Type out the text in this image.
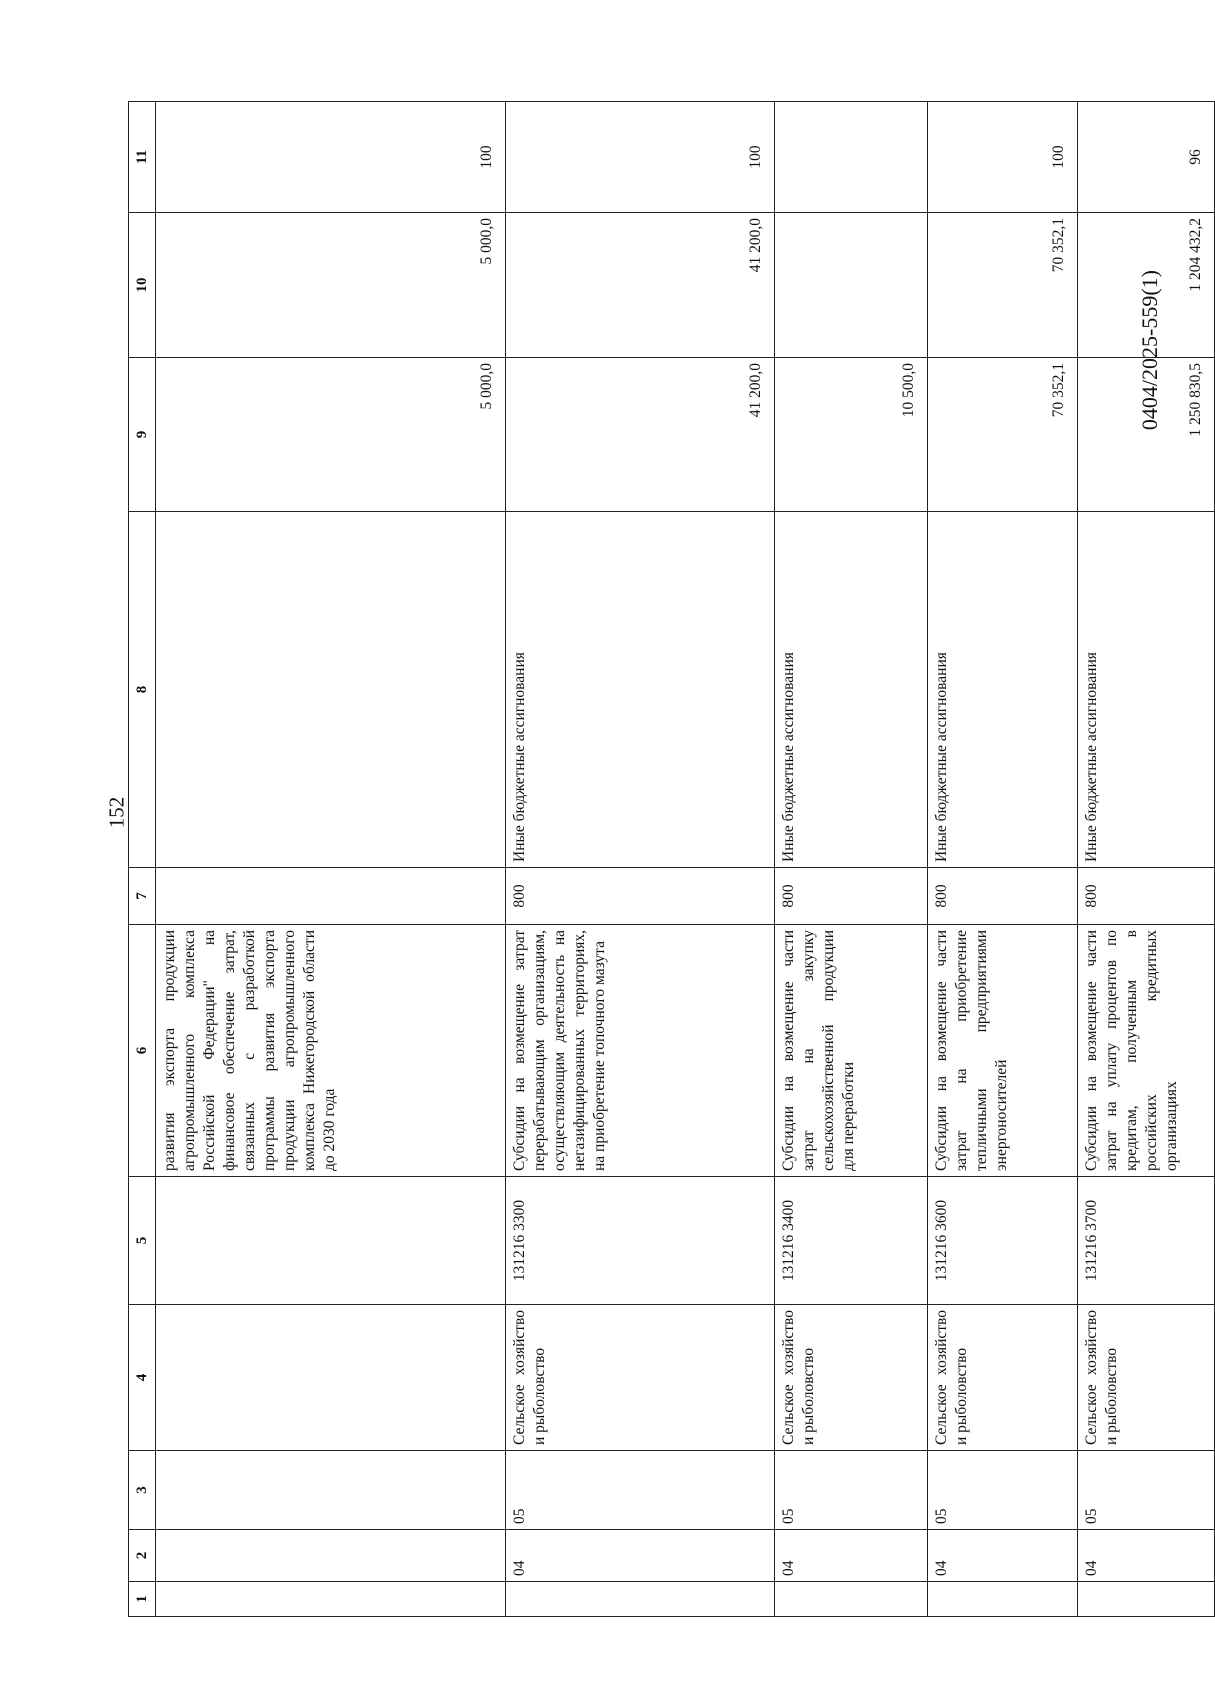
152
0404/2025-559(1)
1	2	3	4	5	6	7	8	9	10	11
					развития экспорта продукции агропромышленного комплекса Российской Федерации" на финансовое обеспечение затрат, связанных с разработкой программы развития экспорта продукции агропромышленного комплекса Нижегородской области до 2030 года			5 000,0	5 000,0	100
	04	05	Сельское хозяйство и рыболовство	131216 3300	Субсидии на возмещение затрат перерабатывающим организациям, осуществляющим деятельность на негазифицированных территориях, на приобретение топочного мазута	800	Иные бюджетные ассигнования	41 200,0	41 200,0	100
	04	05	Сельское хозяйство и рыболовство	131216 3400	Субсидии на возмещение части затрат на закупку сельскохозяйственной продукции для переработки	800	Иные бюджетные ассигнования	10 500,0		
	04	05	Сельское хозяйство и рыболовство	131216 3600	Субсидии на возмещение части затрат на приобретение тепличными предприятиями энергоносителей	800	Иные бюджетные ассигнования	70 352,1	70 352,1	100
	04	05	Сельское хозяйство и рыболовство	131216 3700	Субсидии на возмещение части затрат на уплату процентов по кредитам, полученным в российских кредитных организациях	800	Иные бюджетные ассигнования	1 250 830,5	1 204 432,2	96
